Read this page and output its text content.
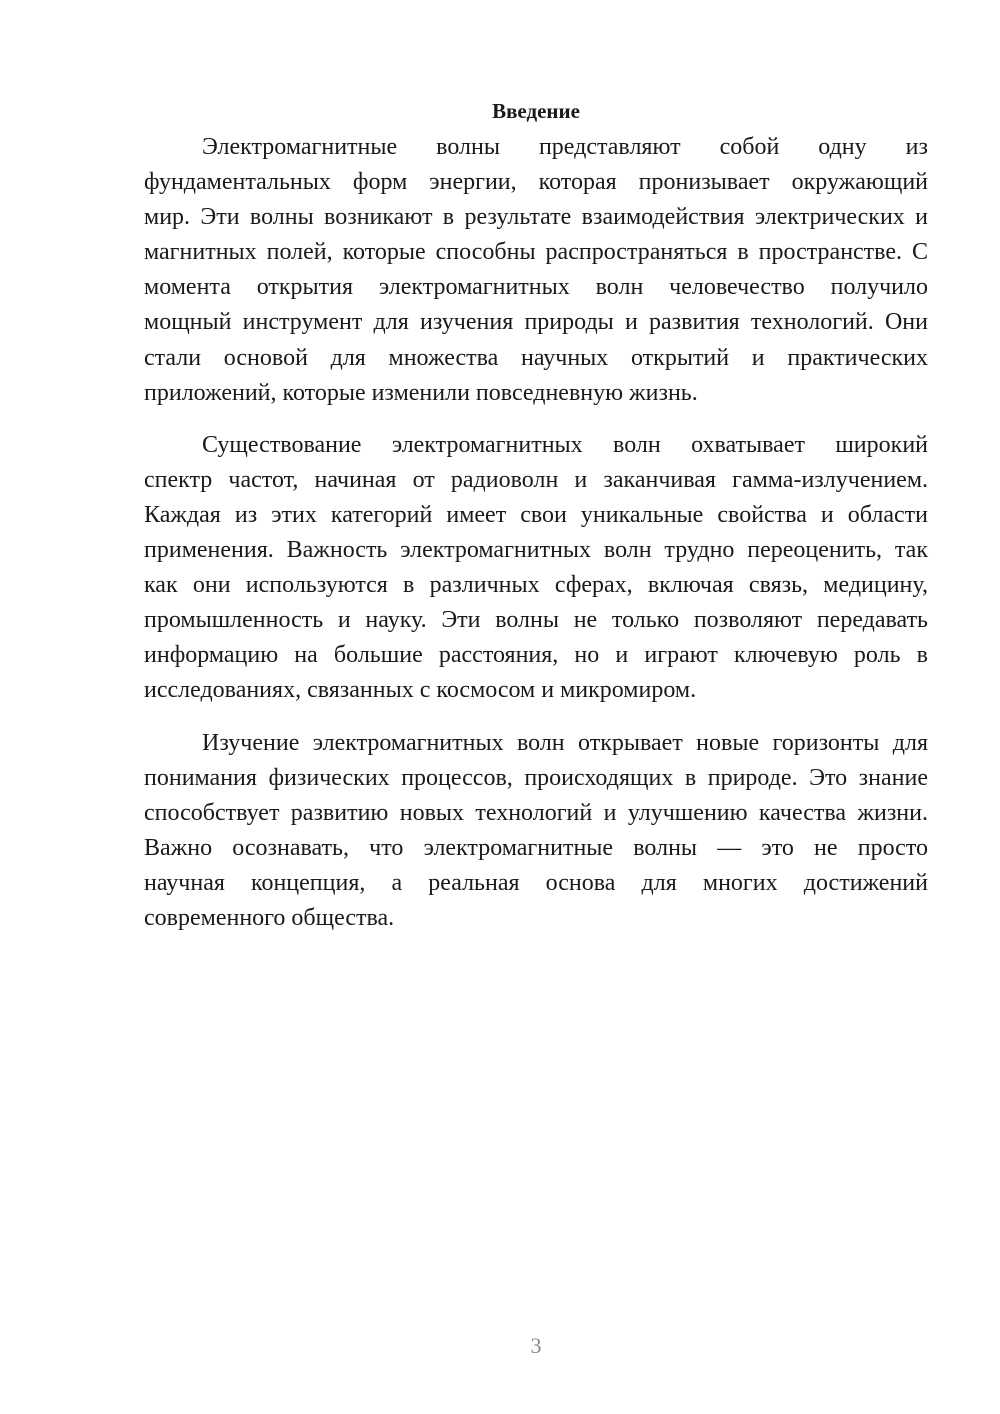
Введение

Электромагнитные волны представляют собой одну из
фундаментальных форм энергии, которая пронизывает окружающий
мир. Эти волны возникают в результате взаимодействия электрических и
магнитных полей, которые способны распространяться в пространстве. С
момента открытия электромагнитных волн человечество получило
мощный инструмент для изучения природы и развития технологий. Они
стали основой для множества научных открытий и практических
приложений, которые изменили повседневную жизнь.

Существование электромагнитных волн охватывает широкий
спектр частот, начиная от радиоволн и заканчивая гамма-излучением.
Каждая из этих категорий имеет свои уникальные свойства и области
применения. Важность электромагнитных волн трудно переоценить, так
как они используются в различных сферах, включая связь, медицину,
промышленность и науку. Эти волны не только позволяют передавать
информацию на большие расстояния, но и играют ключевую роль в
исследованиях, связанных с космосом и микромиром.

Изучение электромагнитных волн открывает новые горизонты для
понимания физических процессов, происходящих в природе. Это знание
способствует развитию новых технологий и улучшению качества жизни.
Важно осознавать, что электромагнитные волны — это не просто
научная концепция, а реальная основа для многих достижений
современного общества.

3
